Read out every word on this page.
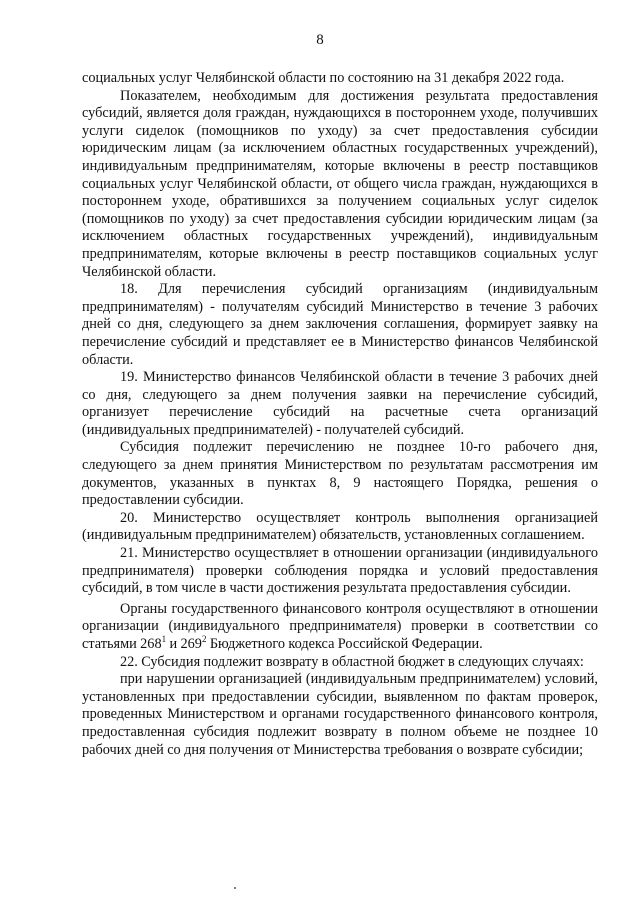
8

социальных услуг Челябинской области по состоянию на 31 декабря 2022 года.

Показателем, необходимым для достижения результата предоставления субсидий, является доля граждан, нуждающихся в постороннем уходе, получивших услуги сиделок (помощников по уходу) за счет предоставления субсидии юридическим лицам (за исключением областных государственных учреждений), индивидуальным предпринимателям, которые включены в реестр поставщиков социальных услуг Челябинской области, от общего числа граждан, нуждающихся в постороннем уходе, обратившихся за получением социальных услуг сиделок (помощников по уходу) за счет предоставления субсидии юридическим лицам (за исключением областных государственных учреждений), индивидуальным предпринимателям, которые включены в реестр поставщиков социальных услуг Челябинской области.

18. Для перечисления субсидий организациям (индивидуальным предпринимателям) - получателям субсидий Министерство в течение 3 рабочих дней со дня, следующего за днем заключения соглашения, формирует заявку на перечисление субсидий и представляет ее в Министерство финансов Челябинской области.

19. Министерство финансов Челябинской области в течение 3 рабочих дней со дня, следующего за днем получения заявки на перечисление субсидий, организует перечисление субсидий на расчетные счета организаций (индивидуальных предпринимателей) - получателей субсидий.

Субсидия подлежит перечислению не позднее 10-го рабочего дня, следующего за днем принятия Министерством по результатам рассмотрения им документов, указанных в пунктах 8, 9 настоящего Порядка, решения о предоставлении субсидии.

20. Министерство осуществляет контроль выполнения организацией (индивидуальным предпринимателем) обязательств, установленных соглашением.

21. Министерство осуществляет в отношении организации (индивидуального предпринимателя) проверки соблюдения порядка и условий предоставления субсидий, в том числе в части достижения результата предоставления субсидии.

Органы государственного финансового контроля осуществляют в отношении организации (индивидуального предпринимателя) проверки в соответствии со статьями $268^1$ и $269^2$ Бюджетного кодекса Российской Федерации.

22. Субсидия подлежит возврату в областной бюджет в следующих случаях:

при нарушении организацией (индивидуальным предпринимателем) условий, установленных при предоставлении субсидии, выявленном по фактам проверок, проведенных Министерством и органами государственного финансового контроля, предоставленная субсидия подлежит возврату в полном объеме не позднее 10 рабочих дней со дня получения от Министерства требования о возврате субсидии;
